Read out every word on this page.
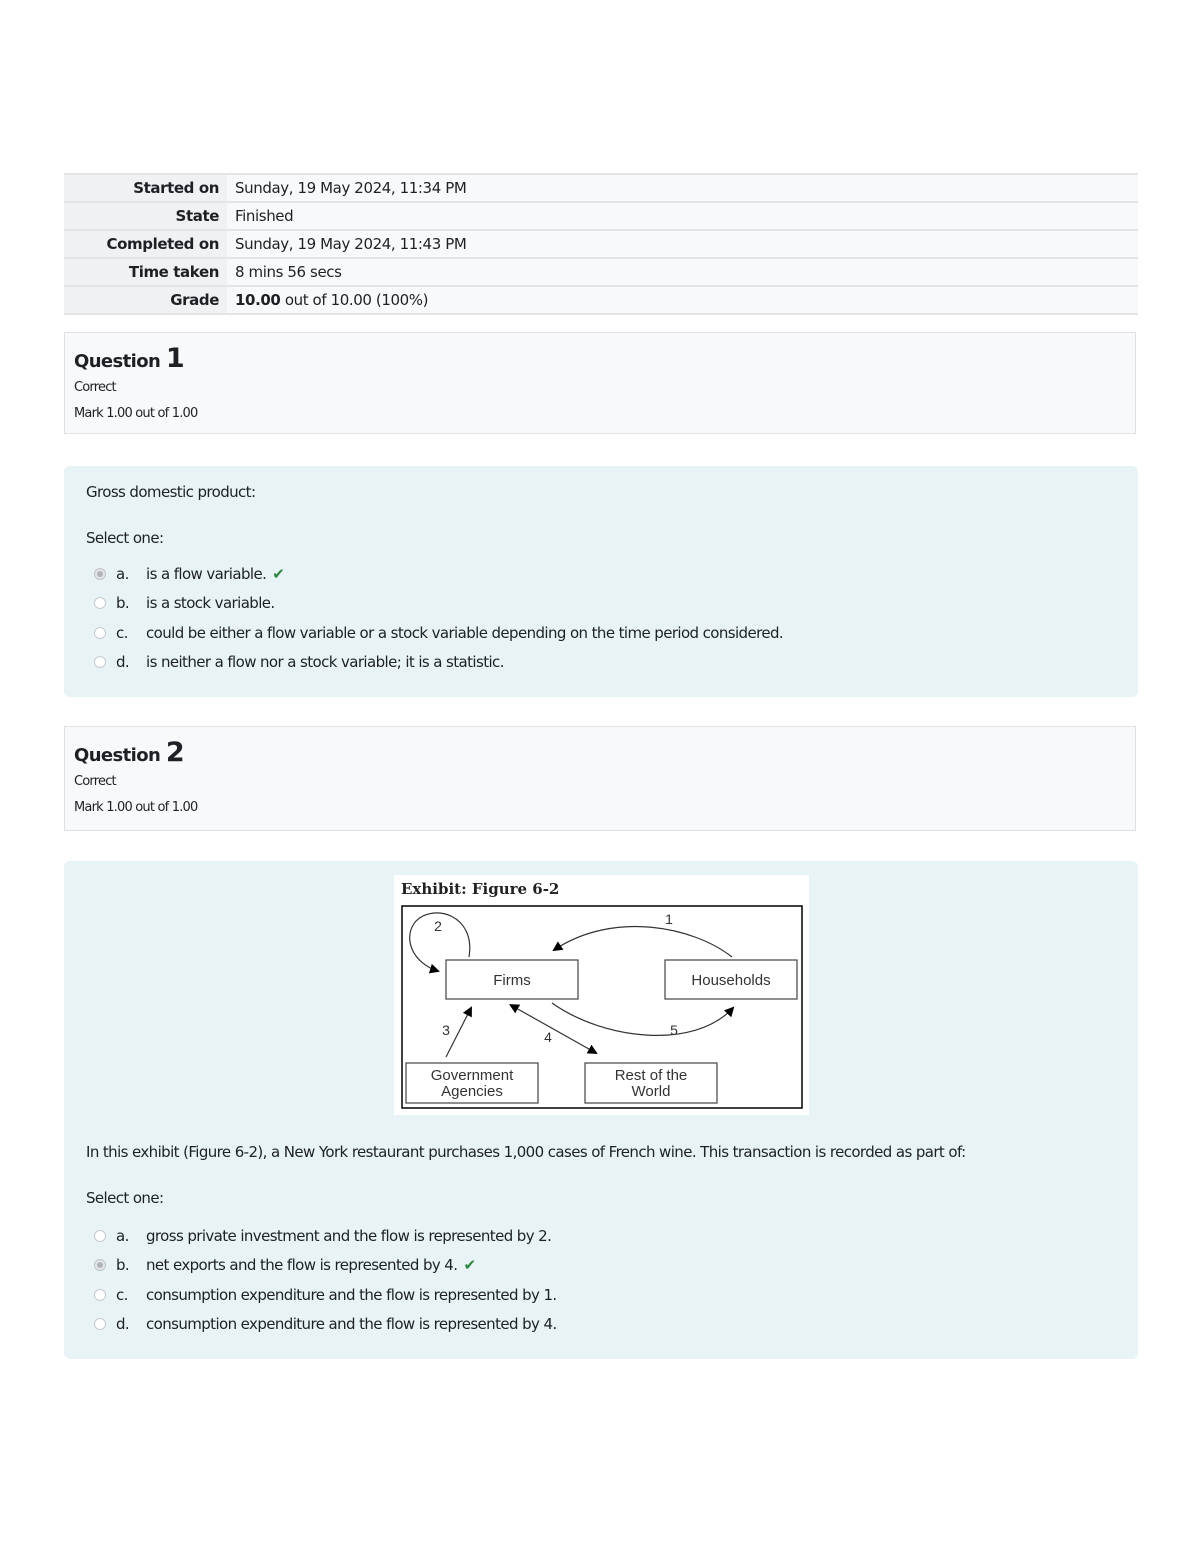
Started on	Sunday, 19 May 2024, 11:34 PM
State	Finished
Completed on	Sunday, 19 May 2024, 11:43 PM
Time taken	8 mins 56 secs
Grade	10.00 out of 10.00 (100%)
Question 1
Correct
Mark 1.00 out of 1.00
Gross domestic product:
Select one:
a.	is a flow variable. ✔
b.	is a stock variable.
c.	could be either a flow variable or a stock variable depending on the time period considered.
d.	is neither a flow nor a stock variable; it is a statistic.
Question 2
Correct
Mark 1.00 out of 1.00
In this exhibit (Figure 6-2), a New York restaurant purchases 1,000 cases of French wine. This transaction is recorded as part of:
Select one:
a.	gross private investment and the flow is represented by 2.
b.	net exports and the flow is represented by 4. ✔
c.	consumption expenditure and the flow is represented by 1.
d.	consumption expenditure and the flow is represented by 4.
Exhibit: Figure 6-2
Firms	Households
Government
Agencies
Rest of the
World
1
2
3	4	5
